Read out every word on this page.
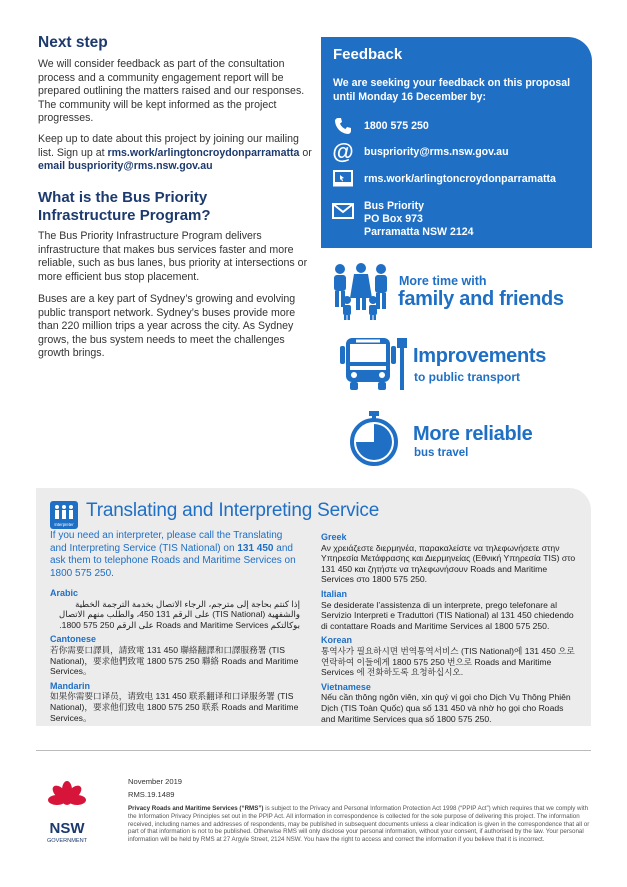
Next step

We will consider feedback as part of the consultation process and a community engagement report will be prepared outlining the matters raised and our responses. The community will be kept informed as the project progresses.

Keep up to date about this project by joining our mailing list. Sign up at rms.work/arlingtoncroydonparramatta or email buspriority@rms.nsw.gov.au

What is the Bus Priority Infrastructure Program?

The Bus Priority Infrastructure Program delivers infrastructure that makes bus services faster and more reliable, such as bus lanes, bus priority at intersections or more efficient bus stop placement.

Buses are a key part of Sydney’s growing and evolving public transport network. Sydney’s buses provide more than 220 million trips a year across the city. As Sydney grows, the bus system needs to meet the challenges growth brings.

Feedback
We are seeking your feedback on this proposal until Monday 16 December by:
1800 575 250
@ buspriority@rms.nsw.gov.au
rms.work/arlingtoncroydonparramatta
Bus Priority
PO Box 973
Parramatta NSW 2124
More time with
family and friends
Improvements
to public transport
More reliable
bus travel
Interpreter
Translating and Interpreting Service
If you need an interpreter, please call the Translating and Interpreting Service (TIS National) on 131 450 and ask them to telephone Roads and Maritime Services on 1800 575 250.
Arabic
إذا كنتم بحاجة إلى مترجم، الرجاء الاتصال بخدمة الترجمة الخطية والشفهية (TIS National) على الرقم 131 450، والطلب منهم الاتصال بوكالتكم Roads and Maritime Services على الرقم 250 575 1800.
Cantonese
若你需要口譯員，請致電 131 450 聯絡翻譯和口譯服務署 (TIS National)，要求他們致電 1800 575 250 聯絡 Roads and Maritime Services。
Mandarin
如果你需要口译员，请致电 131 450 联系翻译和口译服务署 (TIS National)，要求他们致电 1800 575 250 联系 Roads and Maritime Services。
Greek
Αν χρειάζεστε διερμηνέα, παρακαλείστε να τηλεφωνήσετε στην Υπηρεσία Μετάφρασης και Διερμηνείας (Εθνική Υπηρεσία TIS) στο 131 450 και ζητήστε να τηλεφωνήσουν Roads and Maritime Services στο 1800 575 250.
Italian
Se desiderate l’assistenza di un interprete, prego telefonare al Servizio Interpreti e Traduttori (TIS National) al 131 450 chiedendo di contattare Roads and Maritime Services al 1800 575 250.
Korean
통역사가 필요하시면 번역통역서비스 (TIS National)에 131 450 으로 연락하여 이들에게 1800 575 250 번으로 Roads and Maritime Services 에 전화하도록 요청하십시오.
Vietnamese
Nếu cần thông ngôn viên, xin quý vị gọi cho Dịch Vụ Thông Phiên Dịch (TIS Toàn Quốc) qua số 131 450 và nhờ họ gọi cho Roads and Maritime Services qua số 1800 575 250.
NSW
GOVERNMENT
November 2019
RMS.19.1489

Privacy Roads and Maritime Services (“RMS”) is subject to the Privacy and Personal Information Protection Act 1998 (“PPIP Act”) which requires that we comply with the Information Privacy Principles set out in the PPIP Act. All information in correspondence is collected for the sole purpose of delivering this project. The information received, including names and addresses of respondents, may be published in subsequent documents unless a clear indication is given in the correspondence that all or part of that information is not to be published. Otherwise RMS will only disclose your personal information, without your consent, if authorised by the law. Your personal information will be held by RMS at 27 Argyle Street, 2124 NSW. You have the right to access and correct the information if you believe that it is incorrect.
